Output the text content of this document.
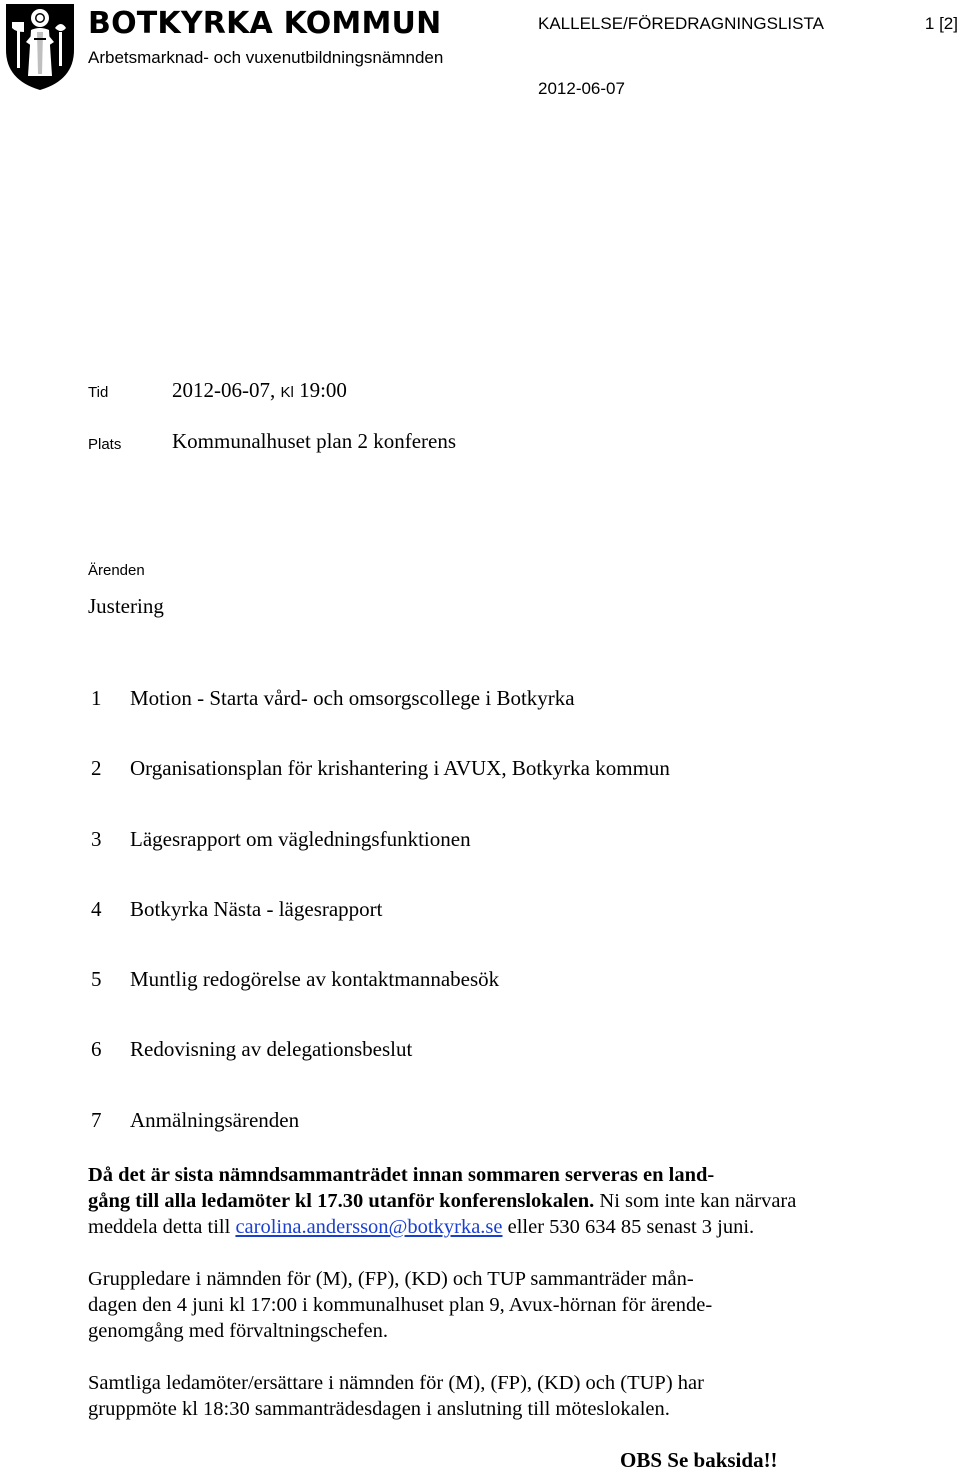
BOTKYRKA KOMMUN
Arbetsmarknad- och vuxenutbildningsnämnden
KALLELSE/FÖREDRAGNINGSLISTA	1 [2]
2012-06-07
Tid	2012-06-07, Kl 19:00
Plats Kommunalhuset plan 2 konferens
Ärenden
Justering
1	Motion - Starta vård- och omsorgscollege i Botkyrka
2	Organisationsplan för krishantering i AVUX, Botkyrka kommun
3	Lägesrapport om vägledningsfunktionen
4	Botkyrka Nästa - lägesrapport
5	Muntlig redogörelse av kontaktmannabesök
6	Redovisning av delegationsbeslut
7	Anmälningsärenden

Då det är sista nämndsammanträdet innan sommaren serveras en land-
gång till alla ledamöter kl 17.30 utanför konferenslokalen. Ni som inte kan närvara meddela detta till carolina.andersson@botkyrka.se eller 530 634 85 senast 3 juni.

Gruppledare i nämnden för (M), (FP), (KD) och TUP sammanträder mån-
dagen den 4 juni kl 17:00 i kommunalhuset plan 9, Avux-hörnan för ärende-
genomgång med förvaltningschefen.

Samtliga ledamöter/ersättare i nämnden för (M), (FP), (KD) och (TUP) har
gruppmöte kl 18:30 sammanträdesdagen i anslutning till möteslokalen.

OBS Se baksida!!
